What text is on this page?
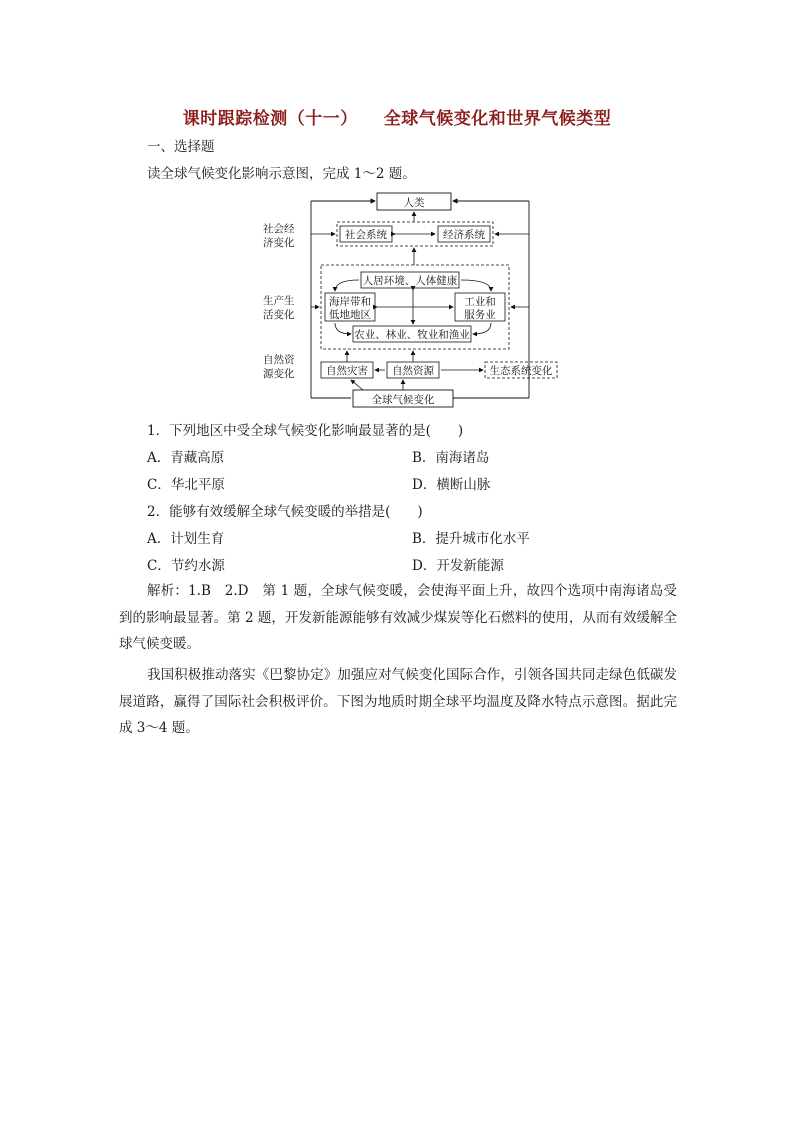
课时跟踪检测（十一） 全球气候变化和世界气候类型
一、选择题
读全球气候变化影响示意图，完成 1～2 题。
社会经
济变化
生产生
活变化
自然资
源变化
人类
社会系统	经济系统
人居环境、人体健康
海岸带和
低地地区
工业和
服务业
农业、林业、牧业和渔业
自然灾害 自然资源	生态系统变化
全球气候变化
1．下列地区中受全球气候变化影响最显著的是(　　)
A．青藏高原	B．南海诸岛
C．华北平原	D．横断山脉
2．能够有效缓解全球气候变暖的举措是(　　)
A．计划生育	B．提升城市化水平
C．节约水源	D．开发新能源
解析：1.B　2.D　第 1 题，全球气候变暖，会使海平面上升，故四个选项中南海诸岛受到的影响最显著。第 2 题，开发新能源能够有效减少煤炭等化石燃料的使用，从而有效缓解全球气候变暖。
我国积极推动落实《巴黎协定》加强应对气候变化国际合作，引领各国共同走绿色低碳发展道路，赢得了国际社会积极评价。下图为地质时期全球平均温度及降水特点示意图。据此完成 3～4 题。
